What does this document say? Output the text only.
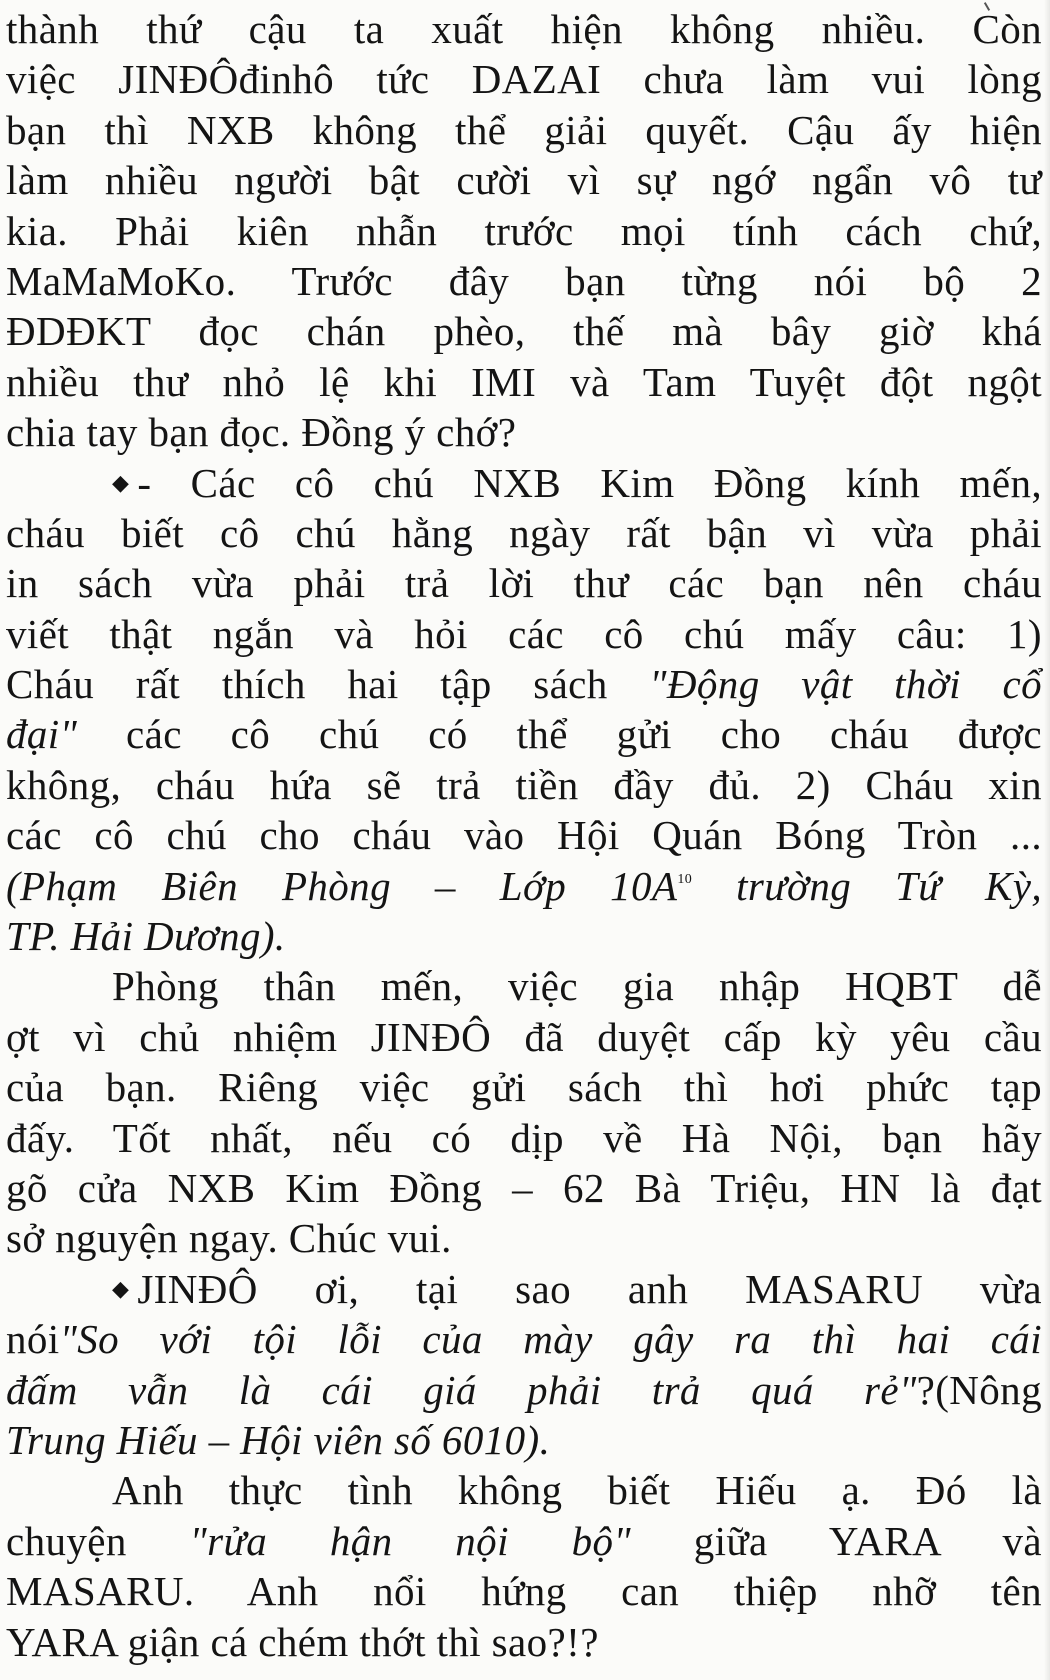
thành thứ cậu ta xuất hiện không nhiều. Còn
việc JINĐÔđinhô tức DAZAI chưa làm vui lòng
bạn thì NXB không thể giải quyết. Cậu ấy hiện
làm nhiều người bật cười vì sự ngớ ngẩn vô tư
kia. Phải kiên nhẫn trước mọi tính cách chứ,
MaMaMoKo. Trước đây bạn từng nói bộ 2
ĐDĐKT đọc chán phèo, thế mà bây giờ khá
nhiều thư nhỏ lệ khi IMI và Tam Tuyệt đột ngột
chia tay bạn đọc. Đồng ý chớ?
◆ - Các cô chú NXB Kim Đồng kính mến,
cháu biết cô chú hằng ngày rất bận vì vừa phải
in sách vừa phải trả lời thư các bạn nên cháu
viết thật ngắn và hỏi các cô chú mấy câu: 1)
Cháu rất thích hai tập sách "Động vật thời cổ
đại" các cô chú có thể gửi cho cháu được
không, cháu hứa sẽ trả tiền đầy đủ. 2) Cháu xin
các cô chú cho cháu vào Hội Quán Bóng Tròn ...
(Phạm Biên Phòng – Lớp $10A^{10}$ trường Tứ Kỳ,
TP. Hải Dương).
Phòng thân mến, việc gia nhập HQBT dễ
ợt vì chủ nhiệm JINĐÔ đã duyệt cấp kỳ yêu cầu
của bạn. Riêng việc gửi sách thì hơi phức tạp
đấy. Tốt nhất, nếu có dịp về Hà Nội, bạn hãy
gõ cửa NXB Kim Đồng – 62 Bà Triệu, HN là đạt
sở nguyện ngay. Chúc vui.
◆ JINĐÔ ơi, tại sao anh MASARU vừa
nói"So với tội lỗi của mày gây ra thì hai cái
đấm vẫn là cái giá phải trả quá rẻ"?(Nông
Trung Hiếu – Hội viên số 6010).
Anh thực tình không biết Hiếu ạ. Đó là
chuyện "rửa hận nội bộ" giữa YARA và
MASARU. Anh nổi hứng can thiệp nhỡ tên
YARA giận cá chém thớt thì sao?!?
